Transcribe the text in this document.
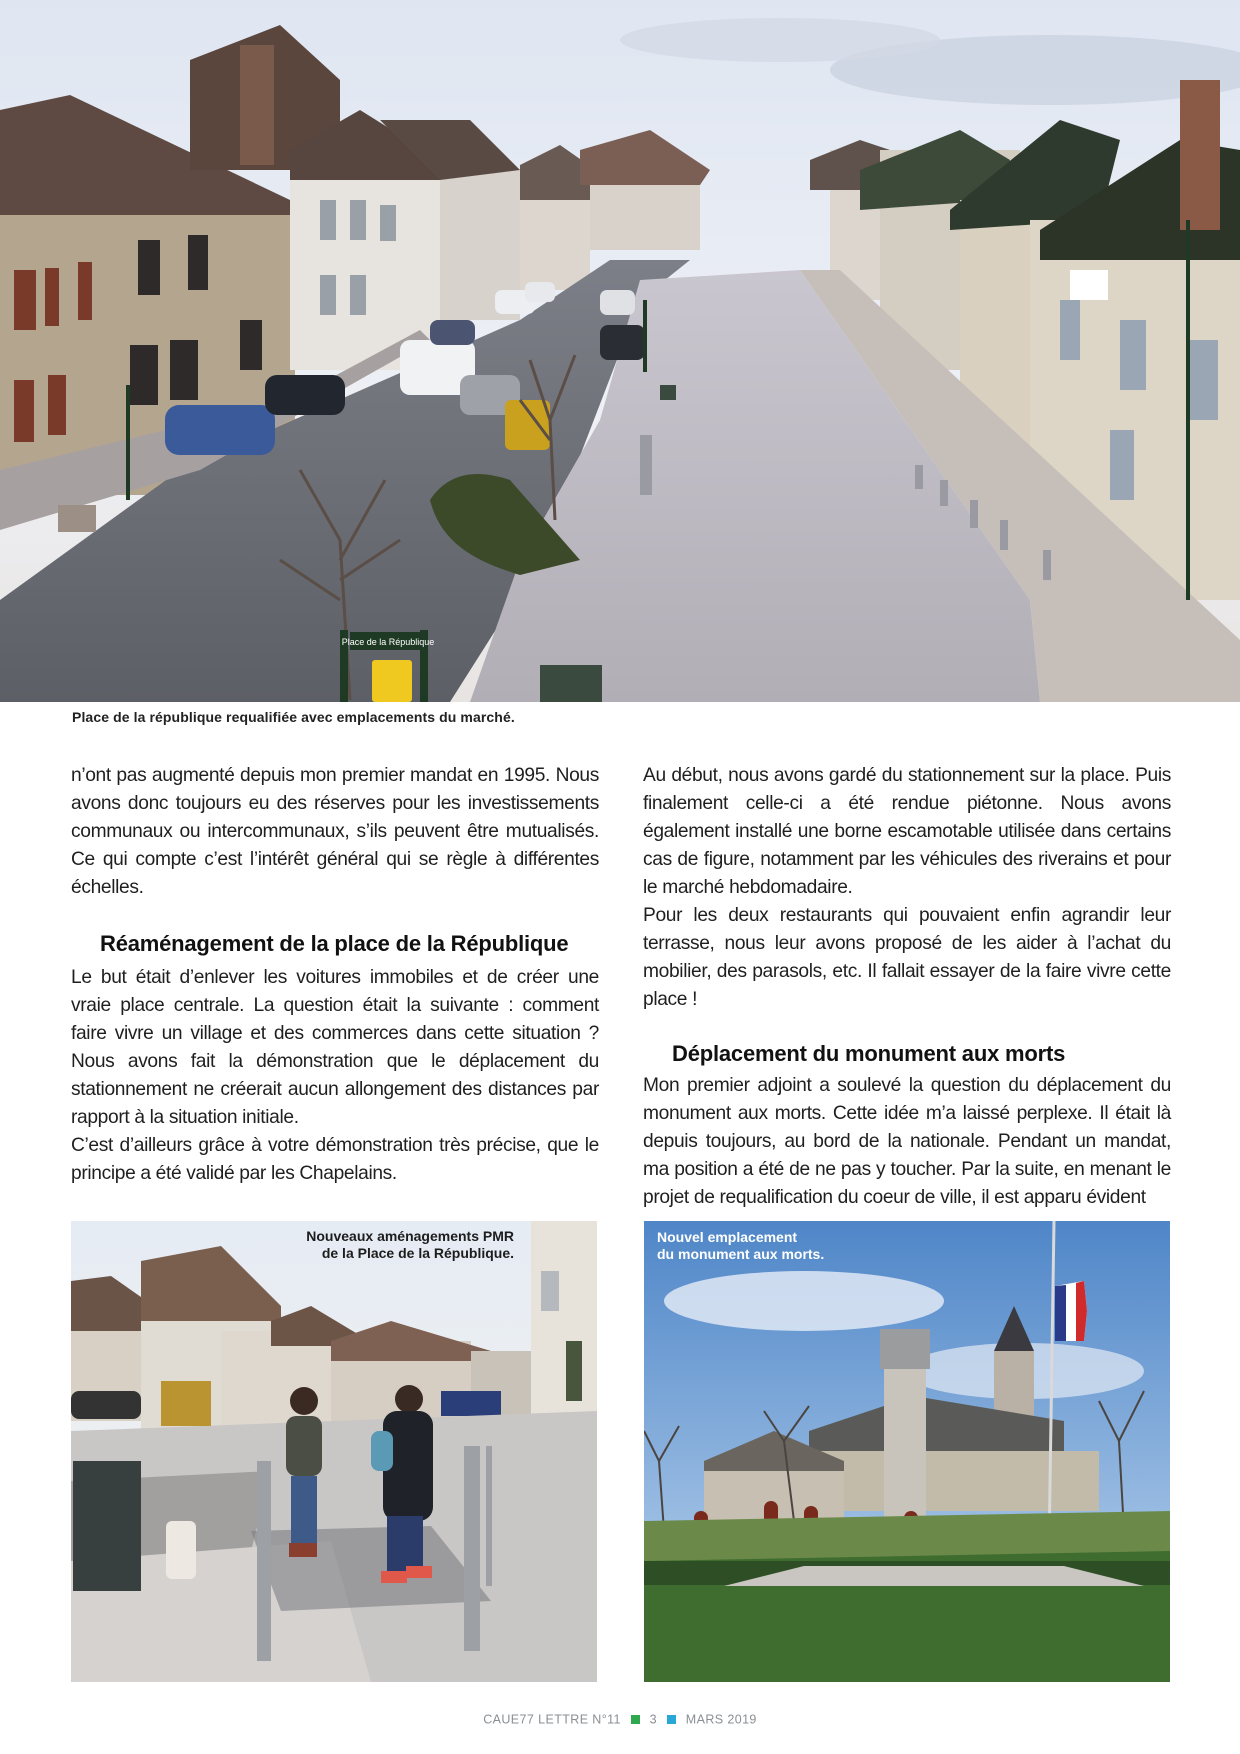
Place de la République
Place de la république requalifiée avec emplacements du marché.

n’ont pas augmenté depuis mon premier mandat en 1995. Nous avons donc toujours eu des réserves pour les investissements communaux ou intercommunaux, s’ils peuvent être mutualisés. Ce qui compte c’est l’intérêt général qui se règle à différentes échelles.

Réaménagement de la place de la République

Le but était d’enlever les voitures immobiles et de créer une vraie place centrale. La question était la suivante : comment faire vivre un village et des commerces dans cette situation ? Nous avons fait la démonstration que le déplacement du stationnement ne créerait aucun allongement des distances par rapport à la situation initiale.

C’est d’ailleurs grâce à votre démonstration très précise, que le principe a été validé par les Chapelains.

Au début, nous avons gardé du stationnement sur la place. Puis finalement celle-ci a été rendue piétonne. Nous avons également installé une borne escamotable utilisée dans certains cas de figure, notamment par les véhicules des riverains et pour le marché hebdomadaire.

Pour les deux restaurants qui pouvaient enfin agrandir leur terrasse, nous leur avons proposé de les aider à l’achat du mobilier, des parasols, etc. Il fallait essayer de la faire vivre cette place !

Déplacement du monument aux morts

Mon premier adjoint a soulevé la question du déplacement du monument aux morts. Cette idée m’a laissé perplexe. Il était là depuis toujours, au bord de la nationale. Pendant un mandat, ma position a été de ne pas y toucher. Par la suite, en menant le projet de requalification du coeur de ville, il est apparu évident

Nouveaux aménagements PMR
de la Place de la République.
Nouvel emplacement
du monument aux morts.
CAUE77 LETTRE N°11 3 MARS 2019
